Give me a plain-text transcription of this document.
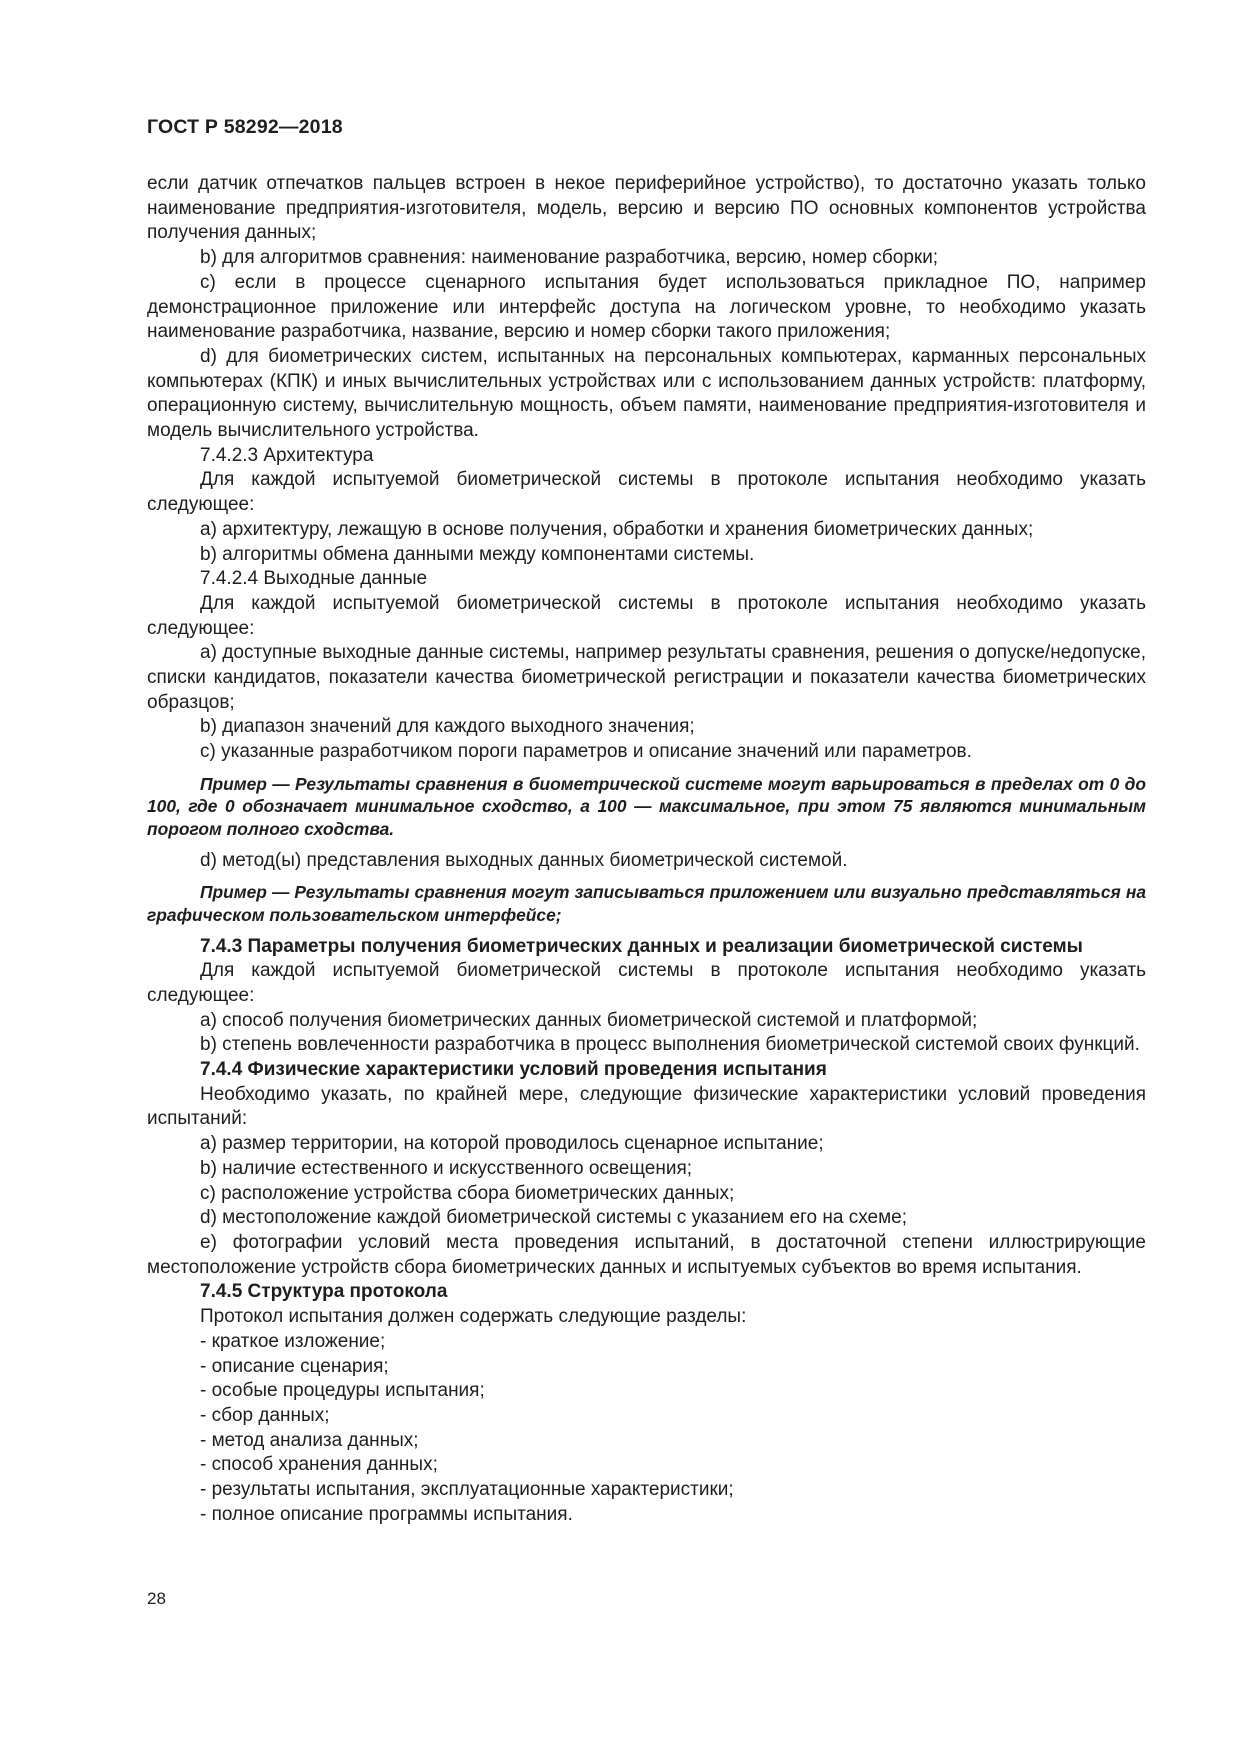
ГОСТ Р 58292—2018

если датчик отпечатков пальцев встроен в некое периферийное устройство), то достаточно указать только наименование предприятия-изготовителя, модель, версию и версию ПО основных компонентов устройства получения данных;

b) для алгоритмов сравнения: наименование разработчика, версию, номер сборки;

c) если в процессе сценарного испытания будет использоваться прикладное ПО, например демонстрационное приложение или интерфейс доступа на логическом уровне, то необходимо указать наименование разработчика, название, версию и номер сборки такого приложения;

d) для биометрических систем, испытанных на персональных компьютерах, карманных персональных компьютерах (КПК) и иных вычислительных устройствах или с использованием данных устройств: платформу, операционную систему, вычислительную мощность, объем памяти, наименование предприятия-изготовителя и модель вычислительного устройства.

7.4.2.3 Архитектура

Для каждой испытуемой биометрической системы в протоколе испытания необходимо указать следующее:

a) архитектуру, лежащую в основе получения, обработки и хранения биометрических данных;

b) алгоритмы обмена данными между компонентами системы.

7.4.2.4 Выходные данные

Для каждой испытуемой биометрической системы в протоколе испытания необходимо указать следующее:

a) доступные выходные данные системы, например результаты сравнения, решения о допуске/недопуске, списки кандидатов, показатели качества биометрической регистрации и показатели качества биометрических образцов;

b) диапазон значений для каждого выходного значения;

c) указанные разработчиком пороги параметров и описание значений или параметров.

Пример — Результаты сравнения в биометрической системе могут варьироваться в пределах от 0 до 100, где 0 обозначает минимальное сходство, а 100 — максимальное, при этом 75 являются минимальным порогом полного сходства.

d) метод(ы) представления выходных данных биометрической системой.

Пример — Результаты сравнения могут записываться приложением или визуально представляться на графическом пользовательском интерфейсе;

7.4.3 Параметры получения биометрических данных и реализации биометрической системы

Для каждой испытуемой биометрической системы в протоколе испытания необходимо указать следующее:

a) способ получения биометрических данных биометрической системой и платформой;

b) степень вовлеченности разработчика в процесс выполнения биометрической системой своих функций.

7.4.4 Физические характеристики условий проведения испытания

Необходимо указать, по крайней мере, следующие физические характеристики условий проведения испытаний:

a) размер территории, на которой проводилось сценарное испытание;

b) наличие естественного и искусственного освещения;

c) расположение устройства сбора биометрических данных;

d) местоположение каждой биометрической системы с указанием его на схеме;

e) фотографии условий места проведения испытаний, в достаточной степени иллюстрирующие местоположение устройств сбора биометрических данных и испытуемых субъектов во время испытания.

7.4.5 Структура протокола

Протокол испытания должен содержать следующие разделы:

- краткое изложение;

- описание сценария;

- особые процедуры испытания;

- сбор данных;

- метод анализа данных;

- способ хранения данных;

- результаты испытания, эксплуатационные характеристики;

- полное описание программы испытания.

28
